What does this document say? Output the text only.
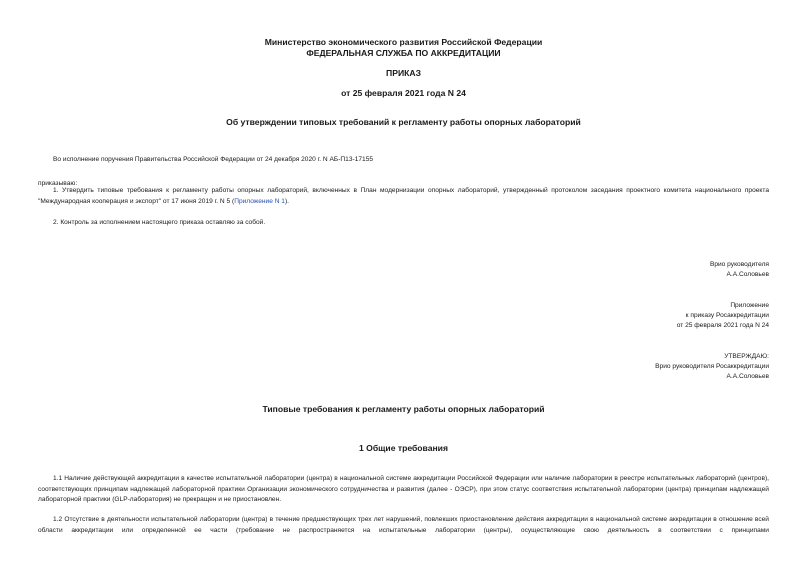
Министерство экономического развития Российской Федерации
ФЕДЕРАЛЬНАЯ СЛУЖБА ПО АККРЕДИТАЦИИ
ПРИКАЗ
от 25 февраля 2021 года N 24
Об утверждении типовых требований к регламенту работы опорных лабораторий
Во исполнение поручения Правительства Российской Федерации от 24 декабря 2020 г. N АБ-П13-17155
приказываю:
1. Утвердить типовые требования к регламенту работы опорных лабораторий, включенных в План модернизации опорных лабораторий, утвержденный протоколом заседания проектного комитета национального проекта "Международная кооперация и экспорт" от 17 июня 2019 г. N 5 (Приложение N 1).
2. Контроль за исполнением настоящего приказа оставляю за собой.
Врио руководителя
А.А.Соловьев
Приложение
к приказу Росаккредитации
от 25 февраля 2021 года N 24
УТВЕРЖДАЮ:
Врио руководителя Росаккредитации
А.А.Соловьев
Типовые требования к регламенту работы опорных лабораторий
1 Общие требования
1.1 Наличие действующей аккредитации в качестве испытательной лаборатории (центра) в национальной системе аккредитации Российской Федерации или наличие лаборатории в реестре испытательных лабораторий (центров), соответствующих принципам надлежащей лабораторной практики Организации экономического сотрудничества и развития (далее - ОЭСР), при этом статус соответствия испытательной лаборатории (центра) принципам надлежащей лабораторной практики (GLP-лаборатория) не прекращен и не приостановлен.
1.2 Отсутствие в деятельности испытательной лаборатории (центра) в течение предшествующих трех лет нарушений, повлекших приостановление действия аккредитации в национальной системе аккредитации в отношение всей области аккредитации или определенной ее части (требование не распространяется на испытательные лаборатории (центры), осуществляющие свою деятельность в соответствии с принципами
